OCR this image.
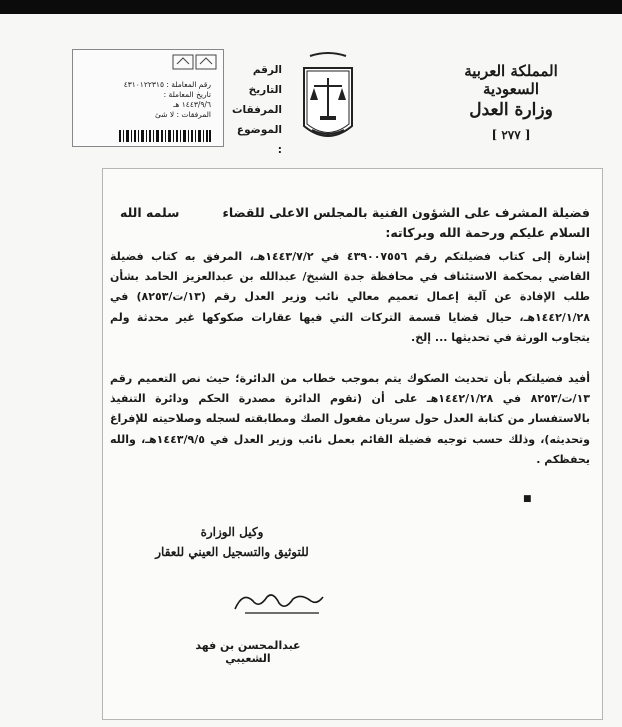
المملكة العربية السعودية
وزارة العدل
[ ٢٧٧ ]
الرقم
التاريخ
المرفقات
الموضوع :
رقم المعاملة : ٤٣١٠١٢٢٣١٥
تاريخ المعاملة :
١٤٤٣/٩/٦ هـ
المرفقات : لا شئ
فضيلة المشرف على الشؤون الفنية بالمجلس الاعلى للقضاء
سلمه الله
السلام عليكم ورحمة الله وبركاته:
إشارة إلى كتاب فضيلتكم رقم ٤٣٩٠٠٧٥٥٦ في ١٤٤٣/٧/٢هـ، المرفق به كتاب فضيلة القاضي بمحكمة الاستئناف في محافظة جدة الشيخ/ عبدالله بن عبدالعزيز الحامد بشأن طلب الإفادة عن آلية إعمال تعميم معالي نائب وزير العدل رقم (١٣/ت/٨٢٥٣) في ١٤٤٢/١/٢٨هـ، حيال قضايا قسمة التركات التي فيها عقارات صكوكها غير محدثة ولم يتجاوب الورثة في تحديثها ... إلخ.
أفيد فضيلتكم بأن تحديث الصكوك يتم بموجب خطاب من الدائرة؛ حيث نص التعميم رقم ١٣/ت/٨٢٥٣ في ١٤٤٢/١/٢٨هـ على أن (تقوم الدائرة مصدرة الحكم ودائرة التنفيذ بالاستفسار من كتابة العدل حول سريان مفعول الصك ومطابقته لسجله وصلاحيته للإفراغ وتحديثه)، وذلك حسب توجيه فضيلة القائم بعمل نائب وزير العدل في ١٤٤٣/٩/٥هـ، والله يحفظكم .
■
وكيل الوزارة
للتوثيق والتسجيل العيني للعقار
عبدالمحسن بن فهد الشعيبي
